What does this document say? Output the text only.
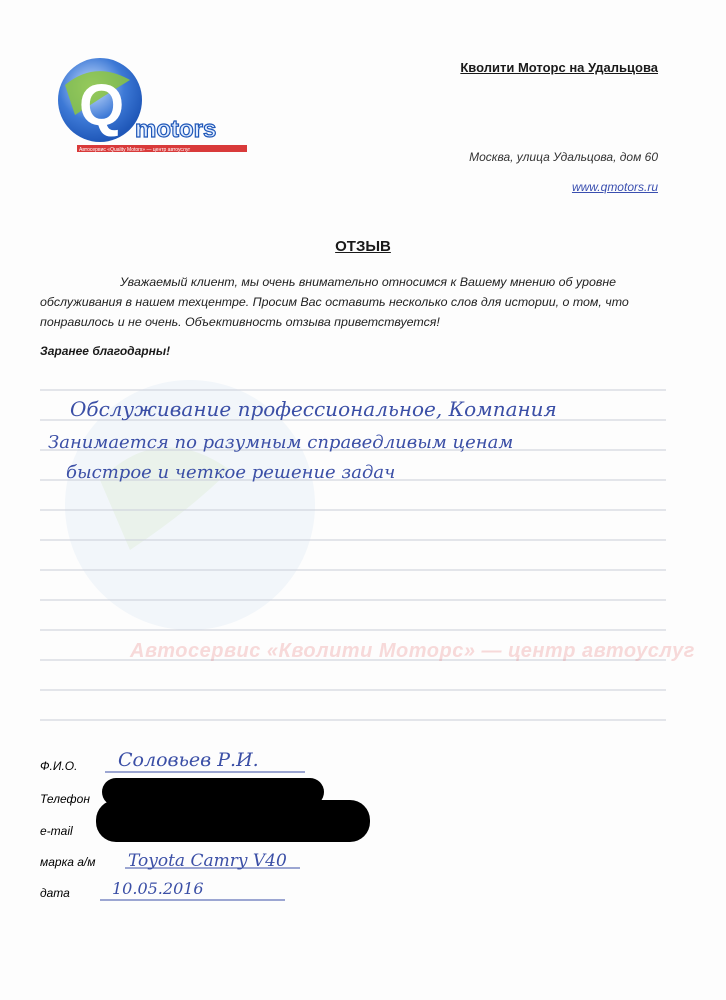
Q motors
Автосервис «Quality Motors» — центр автоуслуг
Кволити Моторс на Удальцова
Москва, улица Удальцова, дом 60
www.qmotors.ru
ОТЗЫВ
Уважаемый клиент, мы очень внимательно относимся к Вашему мнению об уровне обслуживания в нашем техцентре. Просим Вас оставить несколько слов для истории, о том, что понравилось и не очень. Объективность отзыва приветствуется!
Заранее благодарны!
Автосервис «Кволити Моторс» — центр автоуслуг
Обслуживание профессиональное, Компания
Занимается по разумным справедливым ценам
быстрое и четкое решение задач
Ф.И.О.
Телефон
e-mail
марка а/м
дата
Соловьев Р.И.
Toyota Camry V40
10.05.2016
